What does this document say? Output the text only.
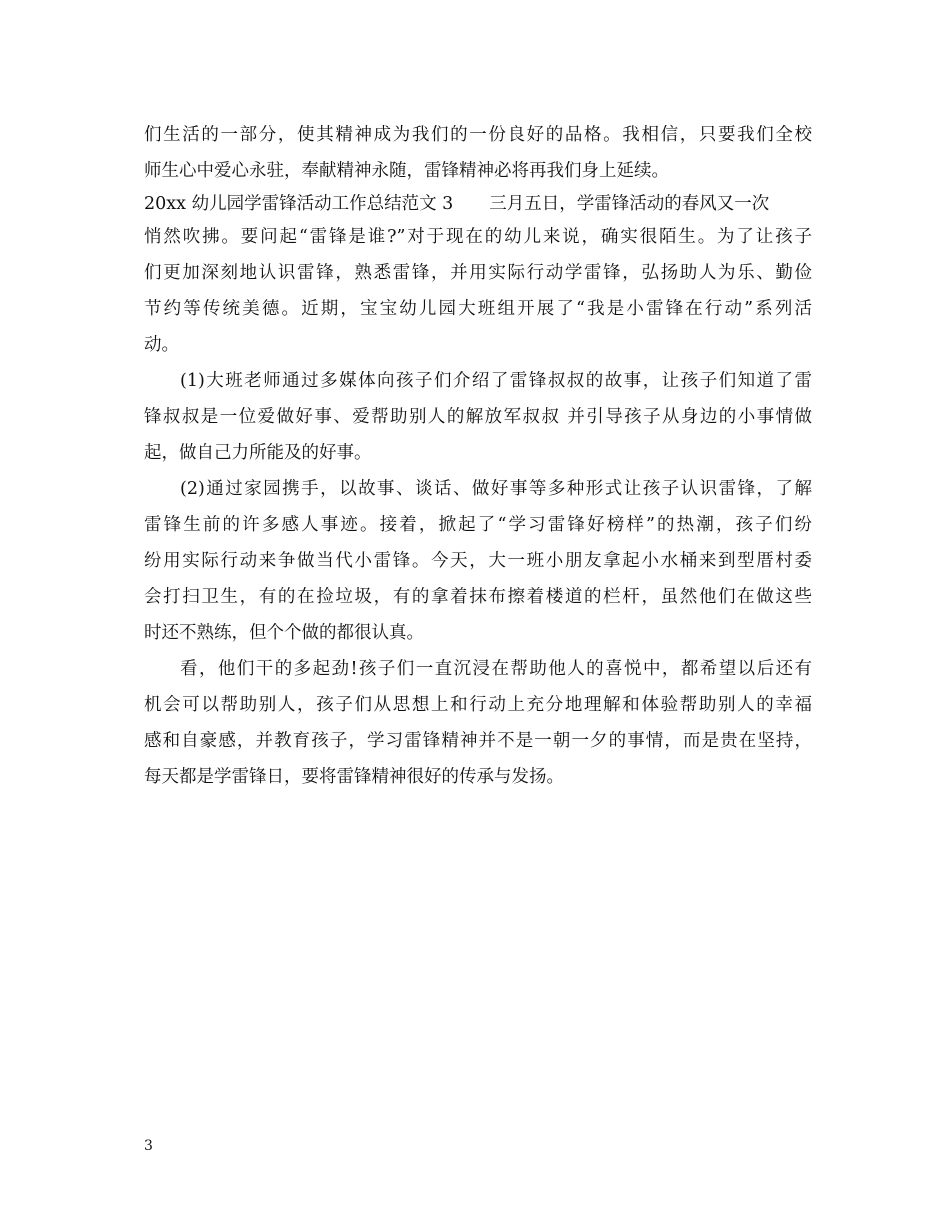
们生活的一部分，使其精神成为我们的一份良好的品格。我相信，只要我们全校
师生心中爱心永驻，奉献精神永随，雷锋精神必将再我们身上延续。
20xx 幼儿园学雷锋活动工作总结范文 3 三月五日，学雷锋活动的春风又一次
悄然吹拂。要问起“雷锋是谁?”对于现在的幼儿来说，确实很陌生。为了让孩子
们更加深刻地认识雷锋，熟悉雷锋，并用实际行动学雷锋，弘扬助人为乐、勤俭
节约等传统美德。近期，宝宝幼儿园大班组开展了“我是小雷锋在行动”系列活
动。
(1)大班老师通过多媒体向孩子们介绍了雷锋叔叔的故事，让孩子们知道了雷
锋叔叔是一位爱做好事、爱帮助别人的解放军叔叔 并引导孩子从身边的小事情做
起，做自己力所能及的好事。
(2)通过家园携手，以故事、谈话、做好事等多种形式让孩子认识雷锋，了解
雷锋生前的许多感人事迹。接着，掀起了“学习雷锋好榜样”的热潮，孩子们纷
纷用实际行动来争做当代小雷锋。今天，大一班小朋友拿起小水桶来到型厝村委
会打扫卫生，有的在捡垃圾，有的拿着抹布擦着楼道的栏杆，虽然他们在做这些
时还不熟练，但个个做的都很认真。
看，他们干的多起劲!孩子们一直沉浸在帮助他人的喜悦中，都希望以后还有
机会可以帮助别人，孩子们从思想上和行动上充分地理解和体验帮助别人的幸福
感和自豪感，并教育孩子，学习雷锋精神并不是一朝一夕的事情，而是贵在坚持，
每天都是学雷锋日，要将雷锋精神很好的传承与发扬。
3
